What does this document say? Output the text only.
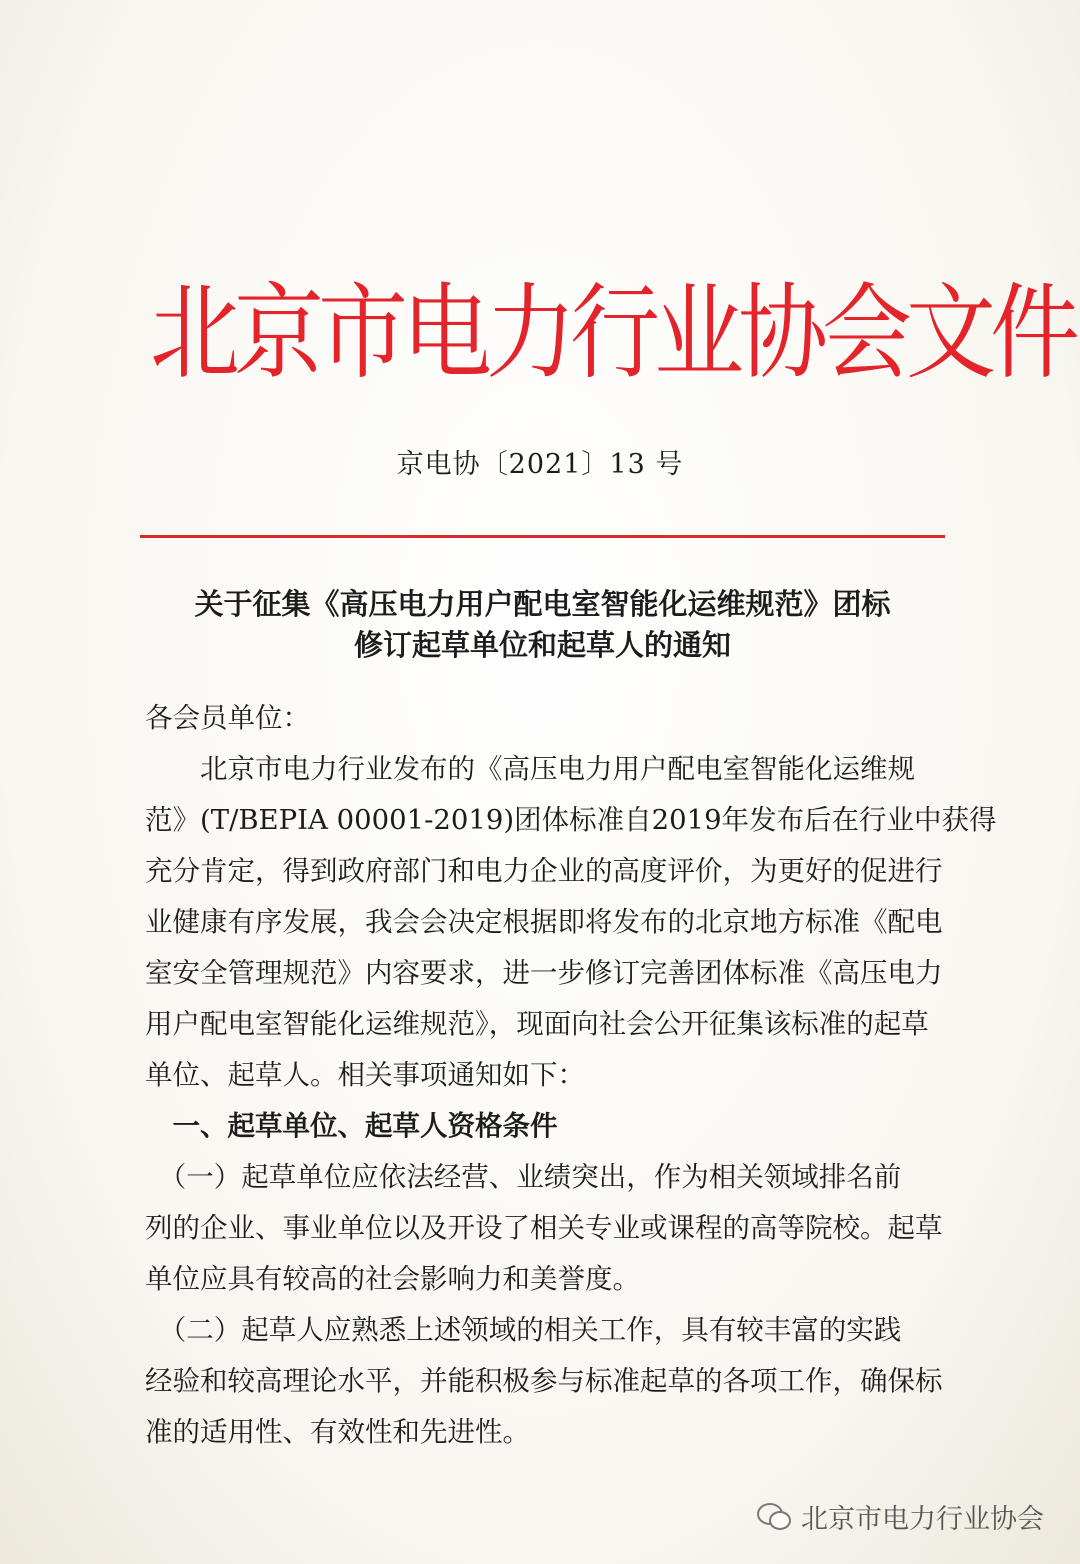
北京市电力行业协会文件
京电协〔2021〕13 号
关于征集《高压电力用户配电室智能化运维规范》团标
修订起草单位和起草人的通知
各会员单位：
　　北京市电力行业发布的《高压电力用户配电室智能化运维规
范》(T/BEPIA 00001-2019)团体标准自2019年发布后在行业中获得
充分肯定，得到政府部门和电力企业的高度评价，为更好的促进行
业健康有序发展，我会会决定根据即将发布的北京地方标准《配电
室安全管理规范》内容要求，进一步修订完善团体标准《高压电力
用户配电室智能化运维规范》，现面向社会公开征集该标准的起草
单位、起草人。相关事项通知如下：
　一、起草单位、起草人资格条件
　（一）起草单位应依法经营、业绩突出，作为相关领域排名前
列的企业、事业单位以及开设了相关专业或课程的高等院校。起草
单位应具有较高的社会影响力和美誉度。
　（二）起草人应熟悉上述领域的相关工作，具有较丰富的实践
经验和较高理论水平，并能积极参与标准起草的各项工作，确保标
准的适用性、有效性和先进性。
北京市电力行业协会
